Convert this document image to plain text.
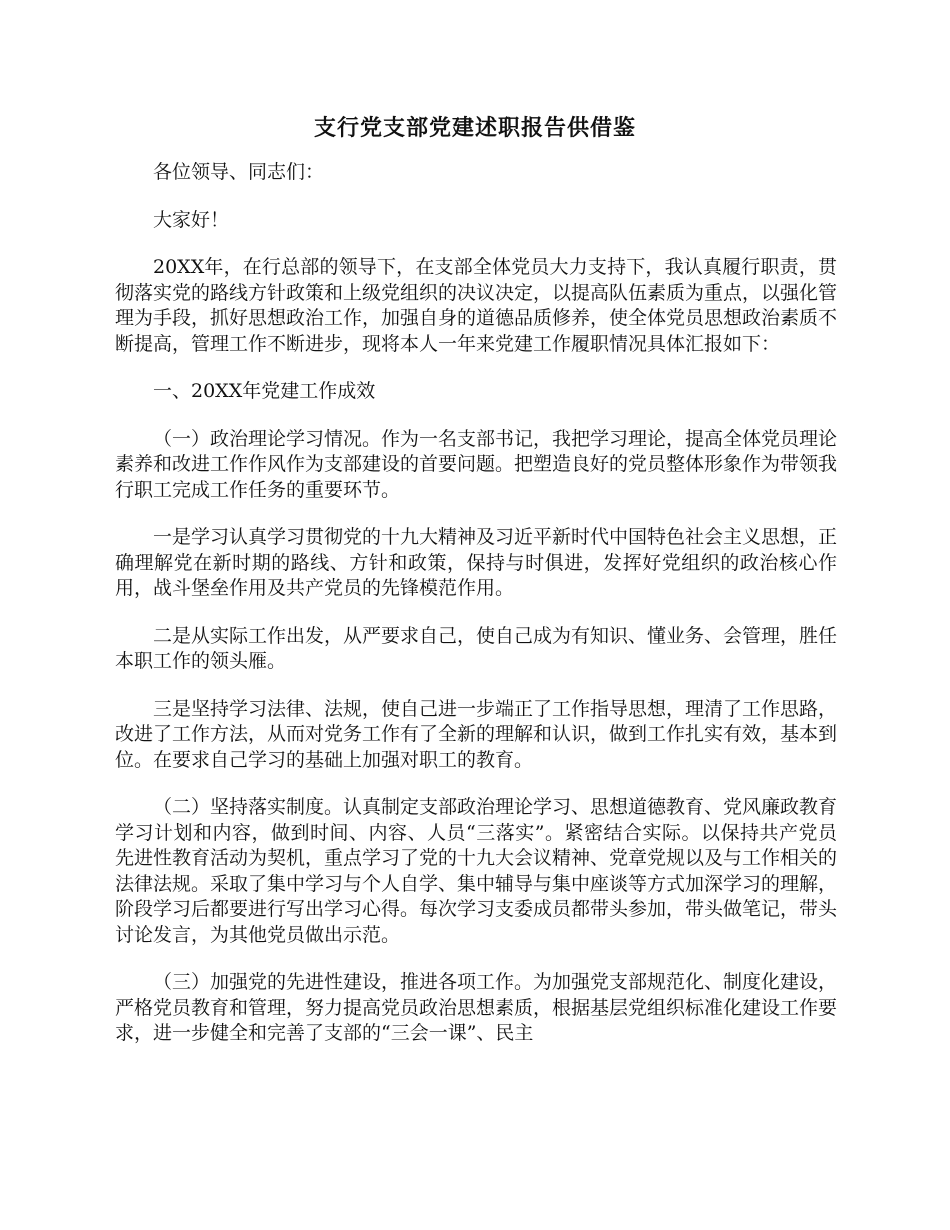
支行党支部党建述职报告供借鉴

各位领导、同志们：

大家好！

20XX年，在行总部的领导下，在支部全体党员大力支持下，我认真履行职责，贯彻落实党的路线方针政策和上级党组织的决议决定，以提高队伍素质为重点，以强化管理为手段，抓好思想政治工作，加强自身的道德品质修养，使全体党员思想政治素质不断提高，管理工作不断进步，现将本人一年来党建工作履职情况具体汇报如下：

一、20XX年党建工作成效

（一）政治理论学习情况。作为一名支部书记，我把学习理论，提高全体党员理论素养和改进工作作风作为支部建设的首要问题。把塑造良好的党员整体形象作为带领我行职工完成工作任务的重要环节。

一是学习认真学习贯彻党的十九大精神及习近平新时代中国特色社会主义思想，正确理解党在新时期的路线、方针和政策，保持与时俱进，发挥好党组织的政治核心作用，战斗堡垒作用及共产党员的先锋模范作用。

二是从实际工作出发，从严要求自己，使自己成为有知识、懂业务、会管理，胜任本职工作的领头雁。

三是坚持学习法律、法规，使自己进一步端正了工作指导思想，理清了工作思路，改进了工作方法，从而对党务工作有了全新的理解和认识，做到工作扎实有效，基本到位。在要求自己学习的基础上加强对职工的教育。

（二）坚持落实制度。认真制定支部政治理论学习、思想道德教育、党风廉政教育学习计划和内容，做到时间、内容、人员“三落实”。紧密结合实际。以保持共产党员先进性教育活动为契机，重点学习了党的十九大会议精神、党章党规以及与工作相关的法律法规。采取了集中学习与个人自学、集中辅导与集中座谈等方式加深学习的理解，阶段学习后都要进行写出学习心得。每次学习支委成员都带头参加，带头做笔记，带头讨论发言，为其他党员做出示范。

（三）加强党的先进性建设，推进各项工作。为加强党支部规范化、制度化建设，严格党员教育和管理，努力提高党员政治思想素质，根据基层党组织标准化建设工作要求，进一步健全和完善了支部的“三会一课”、民主
